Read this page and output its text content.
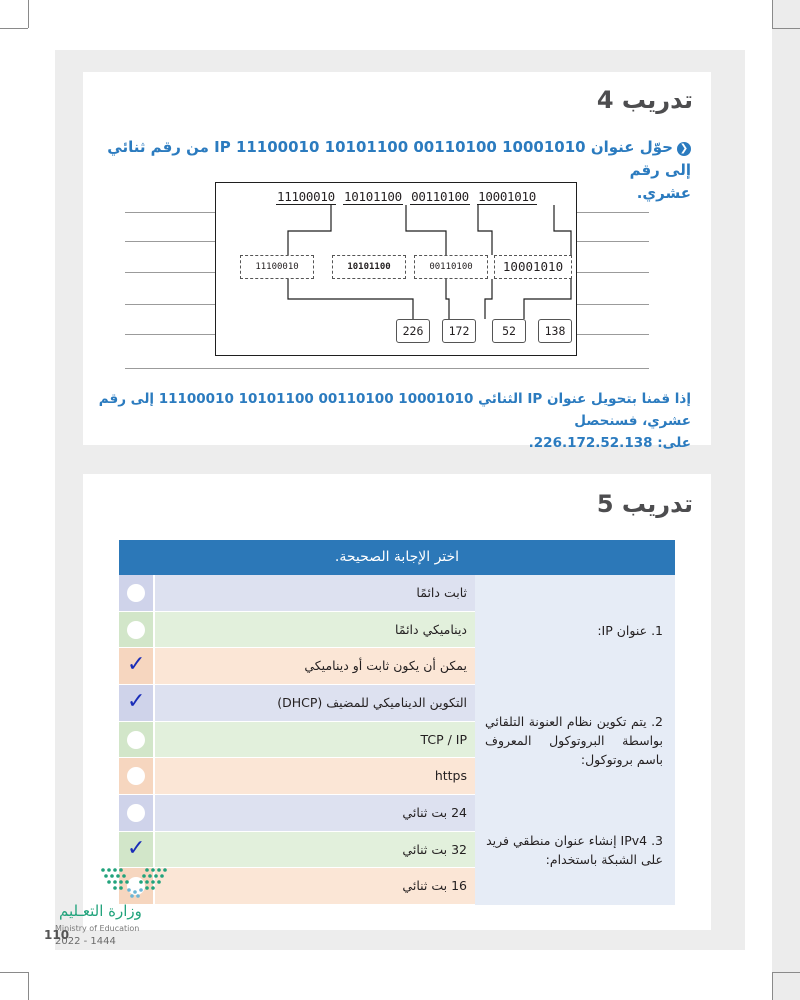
تدريب 4
❮حوّل عنوان IP 11100010 10101100 00110100 10001010 من رقم ثنائي إلى رقم
عشري.
11100010 10101100 00110100 10001010
11100010	10101100	00110100	10001010
226	172	52	138
إذا قمنا بتحويل عنوان IP الثنائي 10001010 00110100 10101100 11100010 إلى رقم عشري، فسنحصل
على: 226.172.52.138.
تدريب 5
اختر الإجابة الصحيحة.
1. عنوان IP:
ثابت دائمًا
ديناميكي دائمًا
✓	يمكن أن يكون ثابت أو ديناميكي
2. يتم تكوين نظام العنونة التلقائي بواسطة البروتوكول المعروف باسم بروتوكول:
✓	التكوين الديناميكي للمضيف (DHCP)
TCP / IP
https
3. IPv4 إنشاء عنوان منطقي فريد على الشبكة باستخدام:
24 بت ثنائي
✓	32 بت ثنائي
16 بت ثنائي
وزارة التعـليم
Ministry of Education
2022 - 1444
110
